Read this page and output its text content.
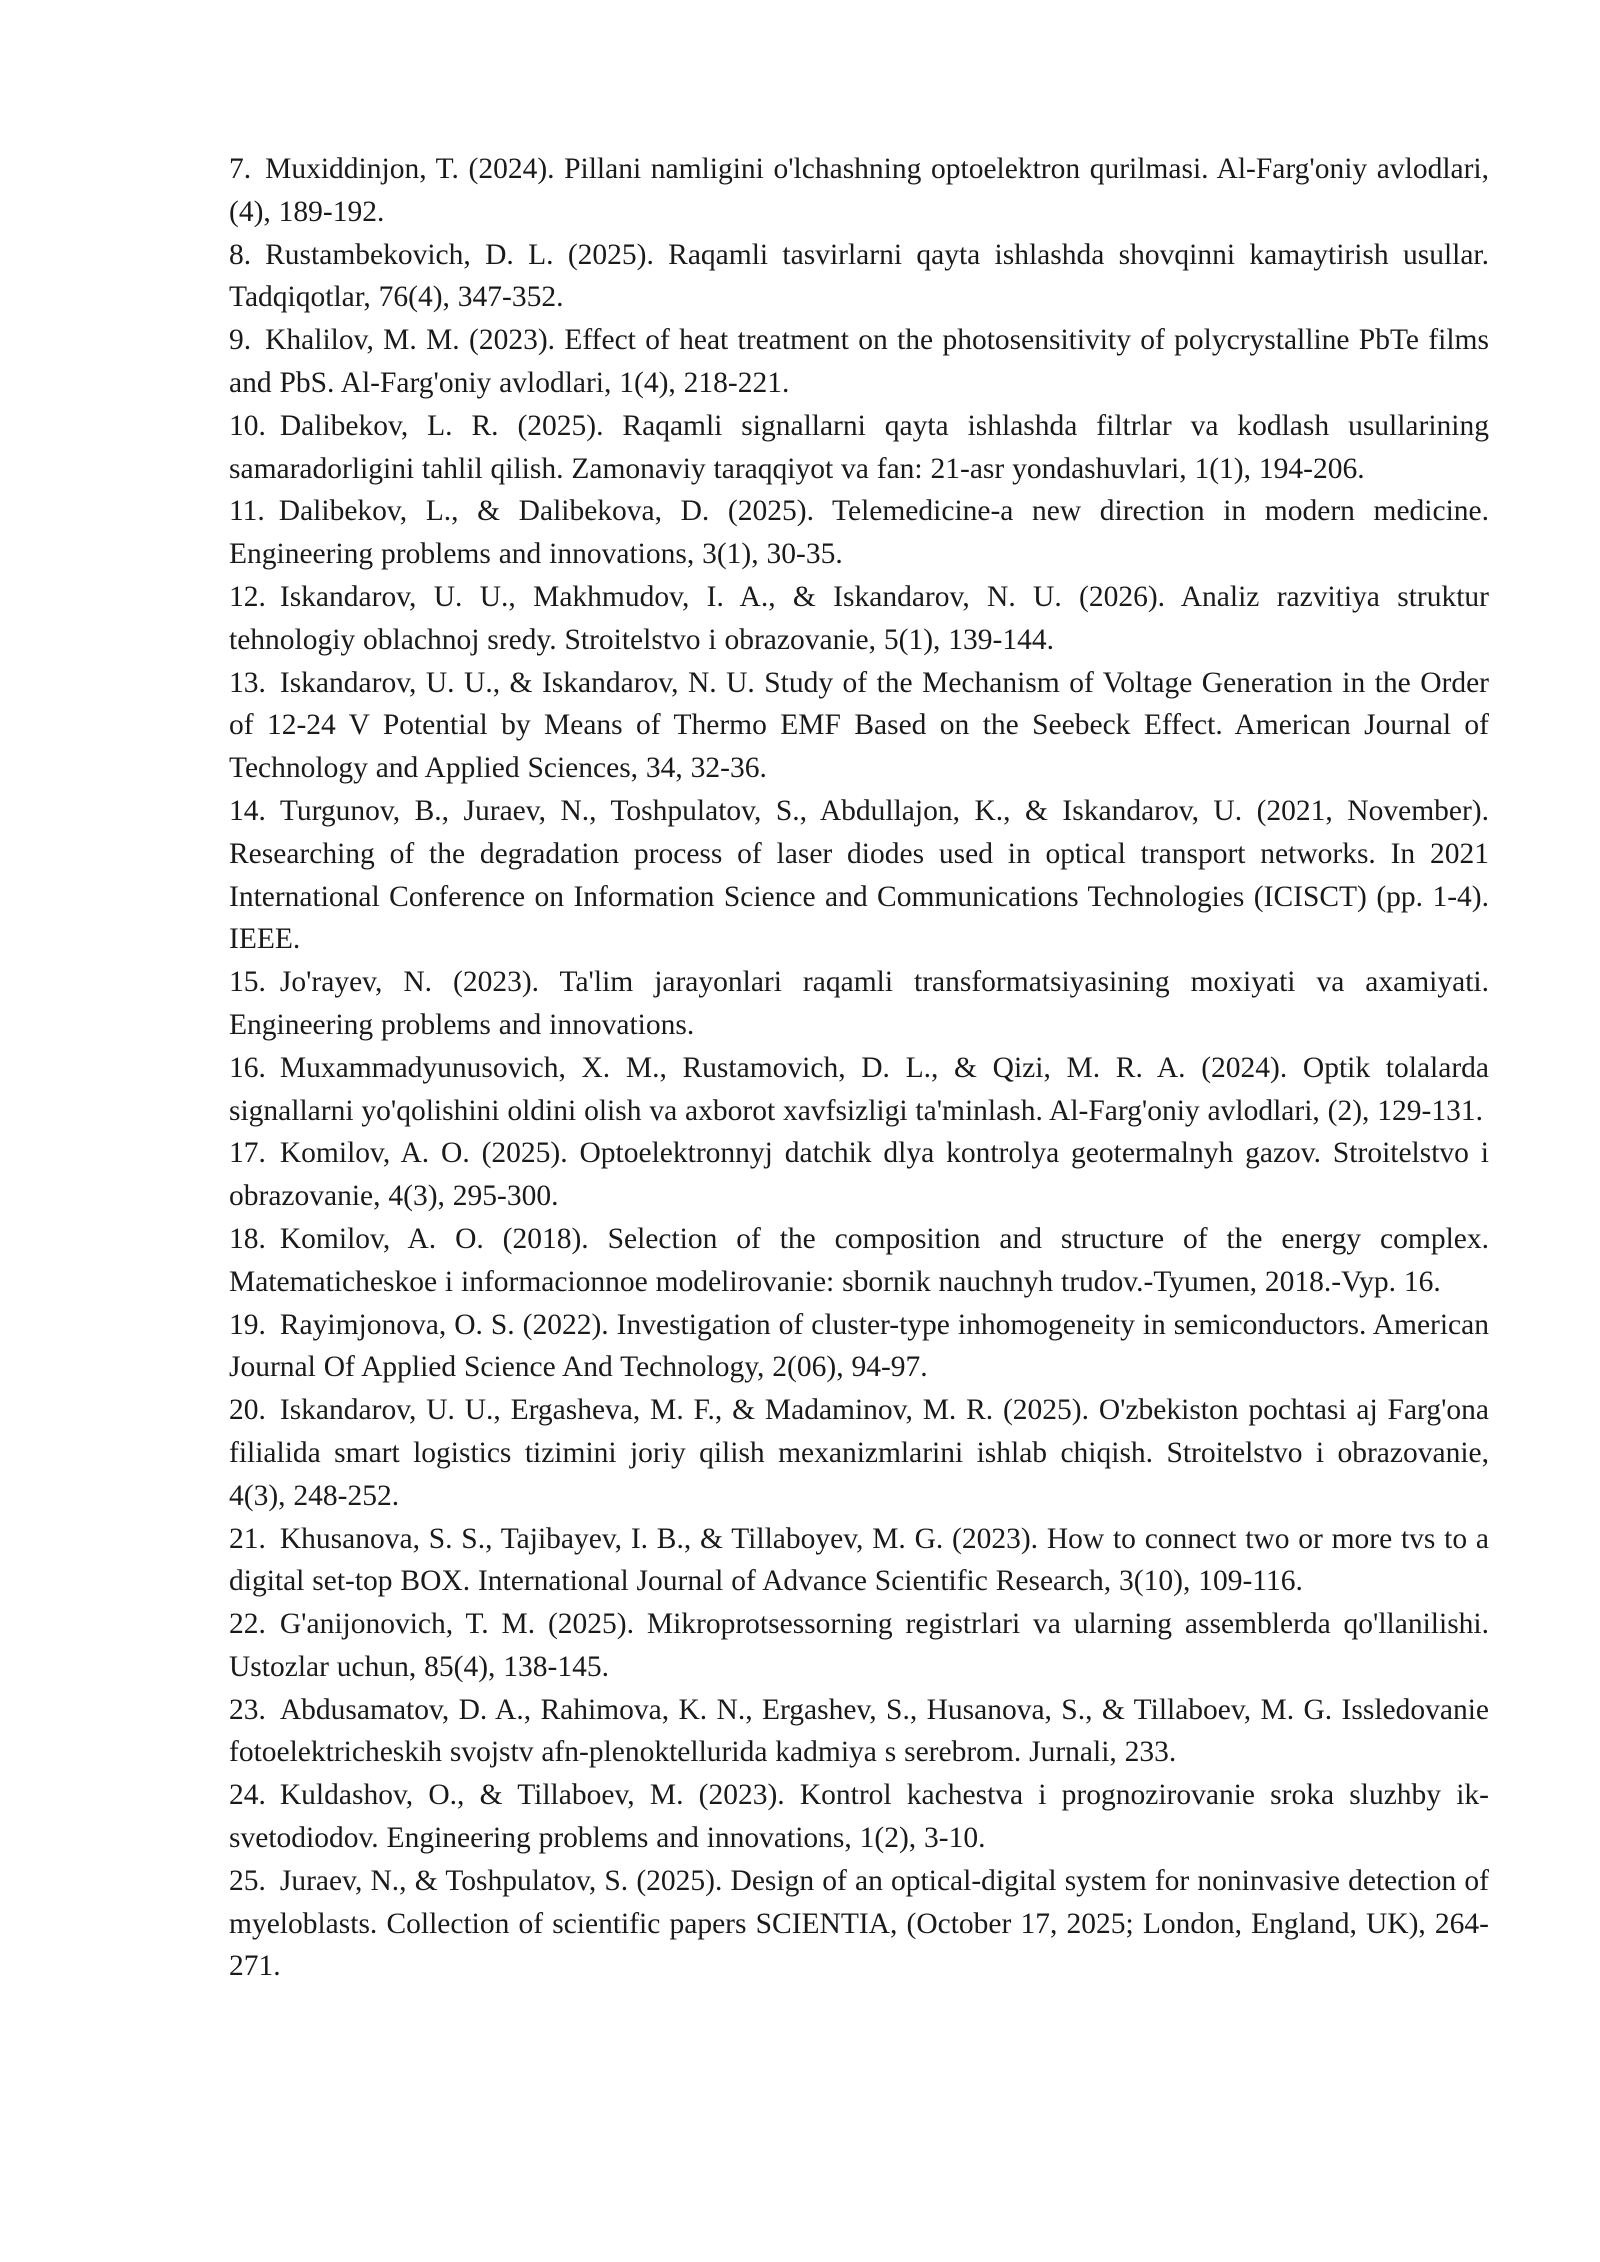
7. Muxiddinjon, T. (2024). Pillani namligini o'lchashning optoelektron qurilmasi. Al-Farg'oniy avlodlari, (4), 189-192.
8. Rustambekovich, D. L. (2025). Raqamli tasvirlarni qayta ishlashda shovqinni kamaytirish usullar. Tadqiqotlar, 76(4), 347-352.
9. Khalilov, M. M. (2023). Effect of heat treatment on the photosensitivity of polycrystalline PbTe films and PbS. Al-Farg'oniy avlodlari, 1(4), 218-221.
10. Dalibekov, L. R. (2025). Raqamli signallarni qayta ishlashda filtrlar va kodlash usullarining samaradorligini tahlil qilish. Zamonaviy taraqqiyot va fan: 21-asr yondashuvlari, 1(1), 194-206.
11. Dalibekov, L., & Dalibekova, D. (2025). Telemedicine-a new direction in modern medicine. Engineering problems and innovations, 3(1), 30-35.
12. Iskandarov, U. U., Makhmudov, I. A., & Iskandarov, N. U. (2026). Analiz razvitiya struktur tehnologiy oblachnoj sredy. Stroitelstvo i obrazovanie, 5(1), 139-144.
13. Iskandarov, U. U., & Iskandarov, N. U. Study of the Mechanism of Voltage Generation in the Order of 12-24 V Potential by Means of Thermo EMF Based on the Seebeck Effect. American Journal of Technology and Applied Sciences, 34, 32-36.
14. Turgunov, B., Juraev, N., Toshpulatov, S., Abdullajon, K., & Iskandarov, U. (2021, November). Researching of the degradation process of laser diodes used in optical transport networks. In 2021 International Conference on Information Science and Communications Technologies (ICISCT) (pp. 1-4). IEEE.
15. Jo'rayev, N. (2023). Ta'lim jarayonlari raqamli transformatsiyasining moxiyati va axamiyati. Engineering problems and innovations.
16. Muxammadyunusovich, X. M., Rustamovich, D. L., & Qizi, M. R. A. (2024). Optik tolalarda signallarni yo'qolishini oldini olish va axborot xavfsizligi ta'minlash. Al-Farg'oniy avlodlari, (2), 129-131.
17. Komilov, A. O. (2025). Optoelektronnyj datchik dlya kontrolya geotermalnyh gazov. Stroitelstvo i obrazovanie, 4(3), 295-300.
18. Komilov, A. O. (2018). Selection of the composition and structure of the energy complex. Matematicheskoe i informacionnoe modelirovanie: sbornik nauchnyh trudov.-Tyumen, 2018.-Vyp. 16.
19. Rayimjonova, O. S. (2022). Investigation of cluster-type inhomogeneity in semiconductors. American Journal Of Applied Science And Technology, 2(06), 94-97.
20. Iskandarov, U. U., Ergasheva, M. F., & Madaminov, M. R. (2025). O'zbekiston pochtasi aj Farg'ona filialida smart logistics tizimini joriy qilish mexanizmlarini ishlab chiqish. Stroitelstvo i obrazovanie, 4(3), 248-252.
21. Khusanova, S. S., Tajibayev, I. B., & Tillaboyev, M. G. (2023). How to connect two or more tvs to a digital set-top BOX. International Journal of Advance Scientific Research, 3(10), 109-116.
22. G'anijonovich, T. M. (2025). Mikroprotsessorning registrlari va ularning assemblerda qo'llanilishi. Ustozlar uchun, 85(4), 138-145.
23. Abdusamatov, D. A., Rahimova, K. N., Ergashev, S., Husanova, S., & Tillaboev, M. G. Issledovanie fotoelektricheskih svojstv afn-plenoktellurida kadmiya s serebrom. Jurnali, 233.
24. Kuldashov, O., & Tillaboev, M. (2023). Kontrol kachestva i prognozirovanie sroka sluzhby ik-svetodiodov. Engineering problems and innovations, 1(2), 3-10.
25. Juraev, N., & Toshpulatov, S. (2025). Design of an optical-digital system for noninvasive detection of myeloblasts. Collection of scientific papers SCIENTIA, (October 17, 2025; London, England, UK), 264-271.
